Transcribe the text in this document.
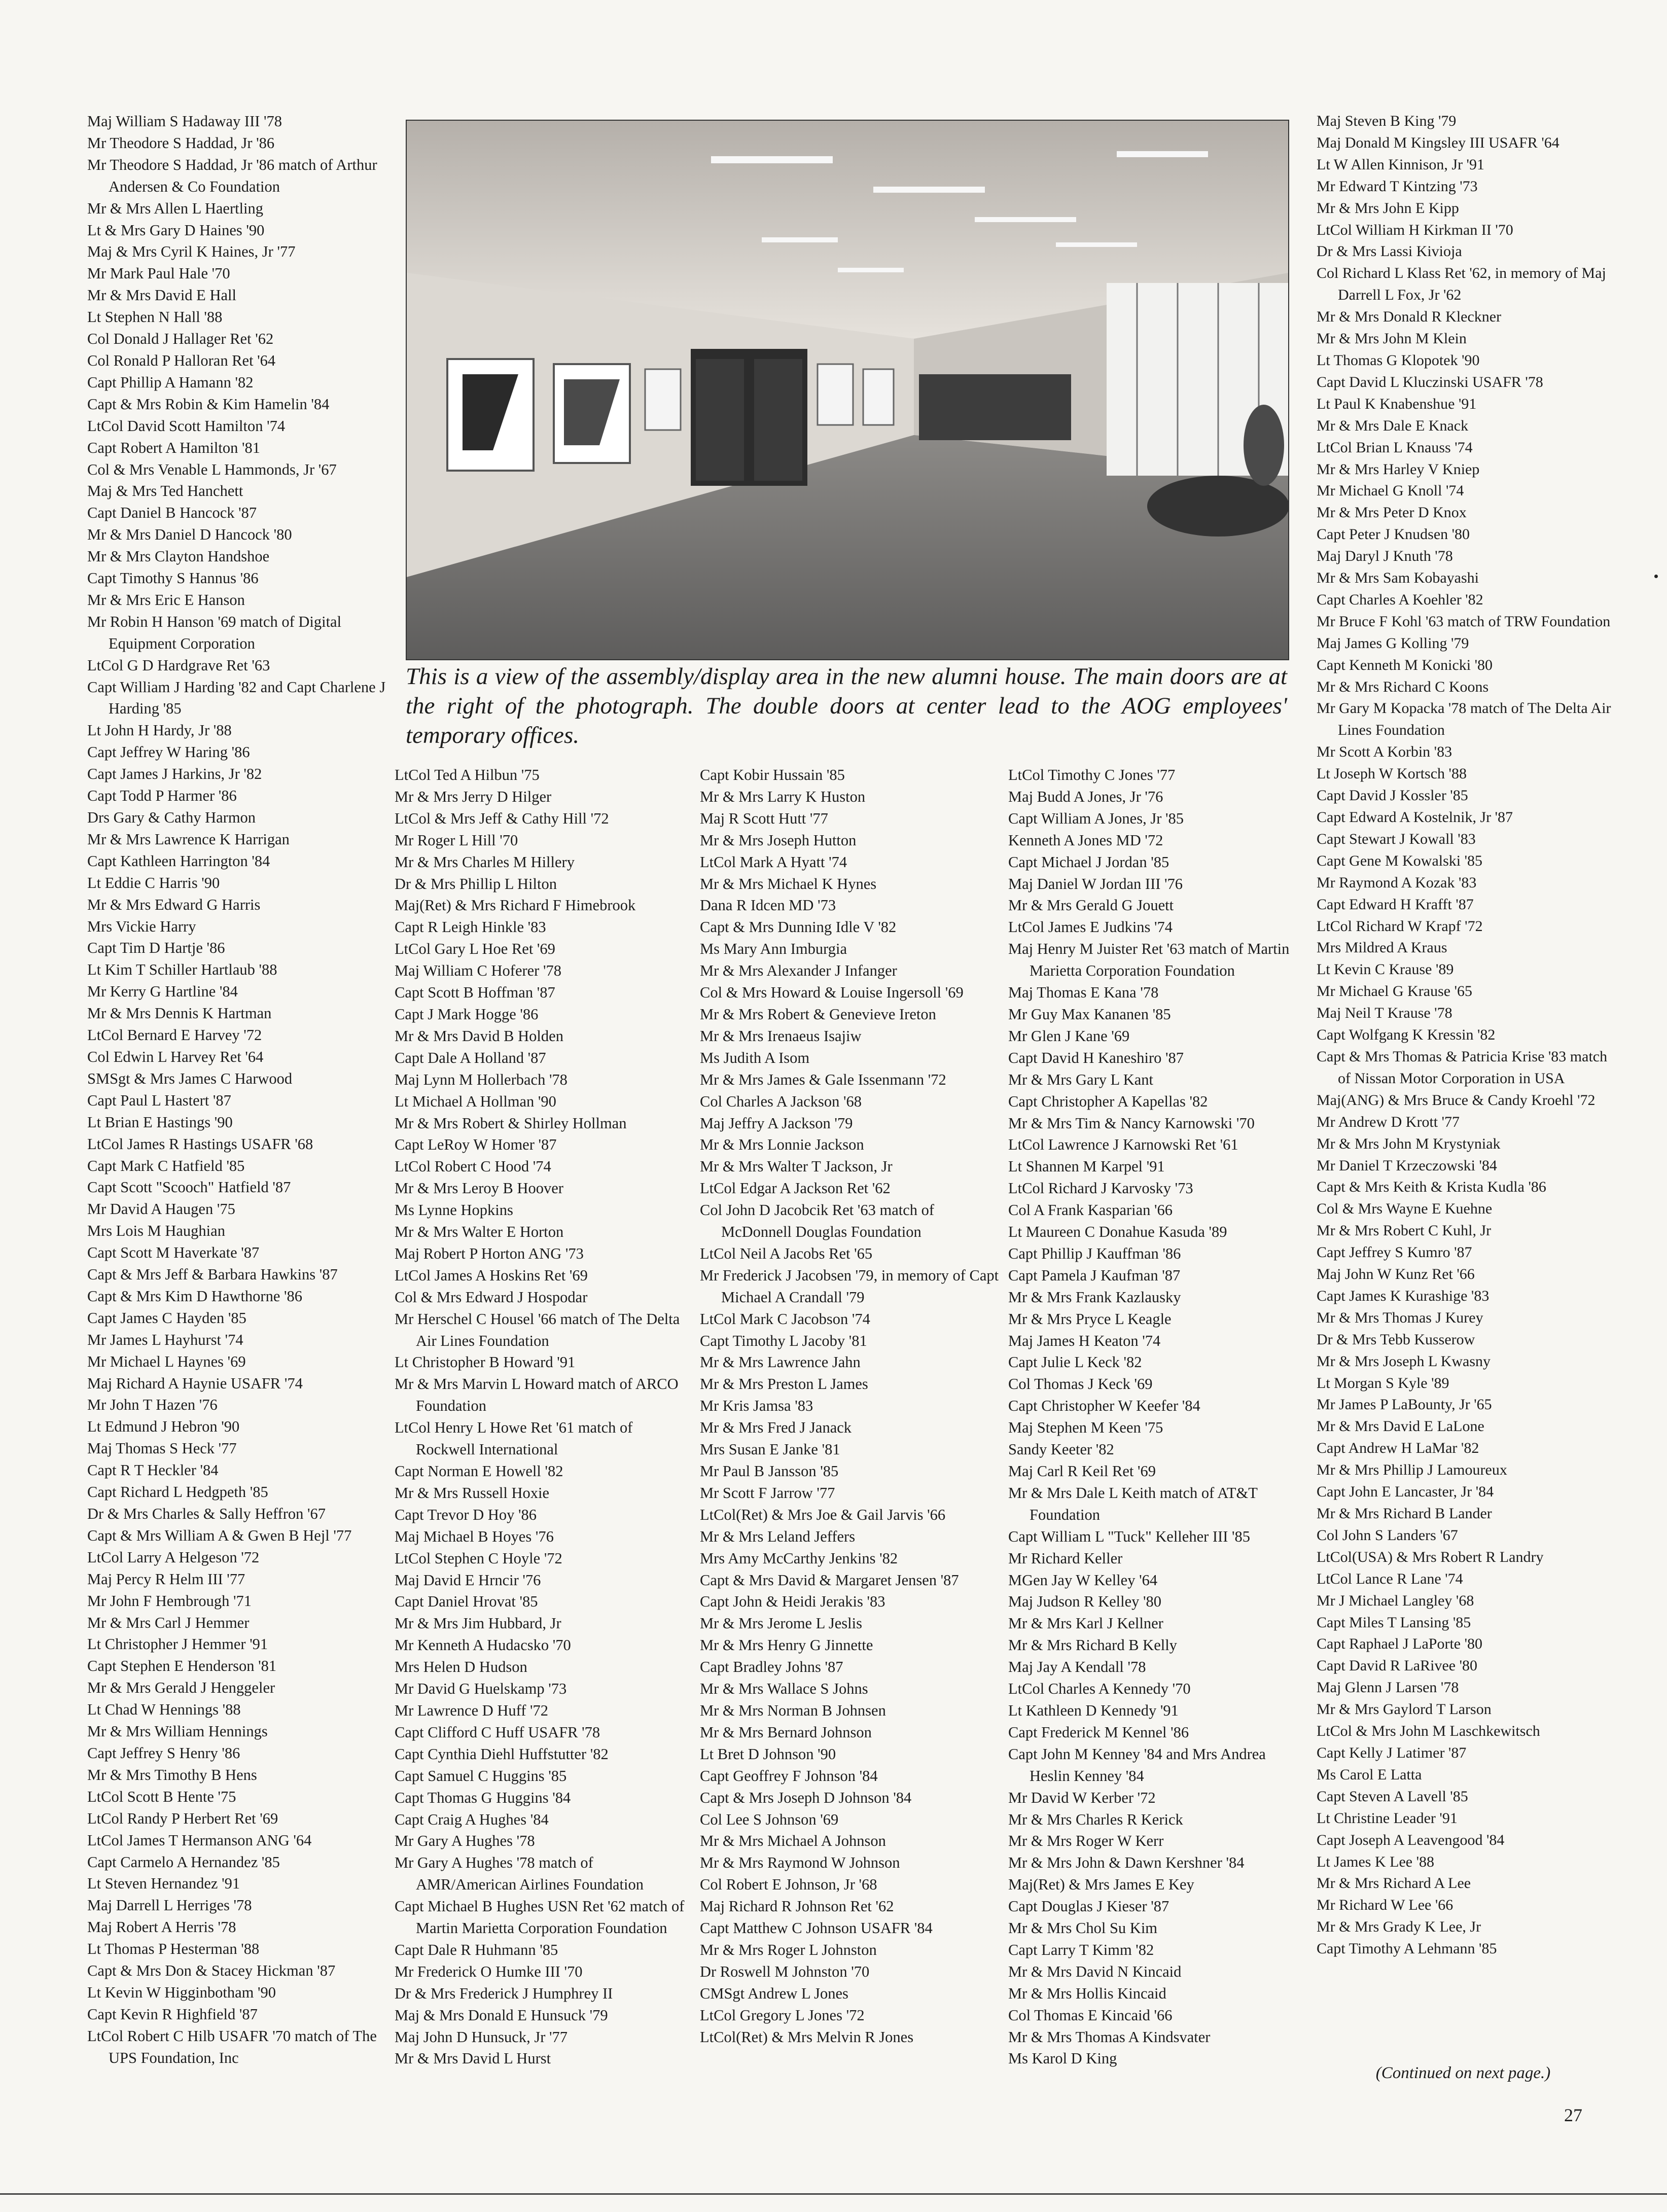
Maj William S Hadaway III '78
Mr Theodore S Haddad, Jr '86
Mr Theodore S Haddad, Jr '86 match of Arthur Andersen & Co Foundation
Mr & Mrs Allen L Haertling
Lt & Mrs Gary D Haines '90
Maj & Mrs Cyril K Haines, Jr '77
Mr Mark Paul Hale '70
Mr & Mrs David E Hall
Lt Stephen N Hall '88
Col Donald J Hallager Ret '62
Col Ronald P Halloran Ret '64
Capt Phillip A Hamann '82
Capt & Mrs Robin & Kim Hamelin '84
LtCol David Scott Hamilton '74
Capt Robert A Hamilton '81
Col & Mrs Venable L Hammonds, Jr '67
Maj & Mrs Ted Hanchett
Capt Daniel B Hancock '87
Mr & Mrs Daniel D Hancock '80
Mr & Mrs Clayton Handshoe
Capt Timothy S Hannus '86
Mr & Mrs Eric E Hanson
Mr Robin H Hanson '69 match of Digital Equipment Corporation
LtCol G D Hardgrave Ret '63
Capt William J Harding '82 and Capt Charlene J Harding '85
Lt John H Hardy, Jr '88
Capt Jeffrey W Haring '86
Capt James J Harkins, Jr '82
Capt Todd P Harmer '86
Drs Gary & Cathy Harmon
Mr & Mrs Lawrence K Harrigan
Capt Kathleen Harrington '84
Lt Eddie C Harris '90
Mr & Mrs Edward G Harris
Mrs Vickie Harry
Capt Tim D Hartje '86
Lt Kim T Schiller Hartlaub '88
Mr Kerry G Hartline '84
Mr & Mrs Dennis K Hartman
LtCol Bernard E Harvey '72
Col Edwin L Harvey Ret '64
SMSgt & Mrs James C Harwood
Capt Paul L Hastert '87
Lt Brian E Hastings '90
LtCol James R Hastings USAFR '68
Capt Mark C Hatfield '85
Capt Scott "Scooch" Hatfield '87
Mr David A Haugen '75
Mrs Lois M Haughian
Capt Scott M Haverkate '87
Capt & Mrs Jeff & Barbara Hawkins '87
Capt & Mrs Kim D Hawthorne '86
Capt James C Hayden '85
Mr James L Hayhurst '74
Mr Michael L Haynes '69
Maj Richard A Haynie USAFR '74
Mr John T Hazen '76
Lt Edmund J Hebron '90
Maj Thomas S Heck '77
Capt R T Heckler '84
Capt Richard L Hedgpeth '85
Dr & Mrs Charles & Sally Heffron '67
Capt & Mrs William A & Gwen B Hejl '77
LtCol Larry A Helgeson '72
Maj Percy R Helm III '77
Mr John F Hembrough '71
Mr & Mrs Carl J Hemmer
Lt Christopher J Hemmer '91
Capt Stephen E Henderson '81
Mr & Mrs Gerald J Henggeler
Lt Chad W Hennings '88
Mr & Mrs William Hennings
Capt Jeffrey S Henry '86
Mr & Mrs Timothy B Hens
LtCol Scott B Hente '75
LtCol Randy P Herbert Ret '69
LtCol James T Hermanson ANG '64
Capt Carmelo A Hernandez '85
Lt Steven Hernandez '91
Maj Darrell L Herriges '78
Maj Robert A Herris '78
Lt Thomas P Hesterman '88
Capt & Mrs Don & Stacey Hickman '87
Lt Kevin W Higginbotham '90
Capt Kevin R Highfield '87
LtCol Robert C Hilb USAFR '70 match of The UPS Foundation, Inc
LtCol Ted A Hilbun '75
Mr & Mrs Jerry D Hilger
LtCol & Mrs Jeff & Cathy Hill '72
Mr Roger L Hill '70
Mr & Mrs Charles M Hillery
Dr & Mrs Phillip L Hilton
Maj(Ret) & Mrs Richard F Himebrook
Capt R Leigh Hinkle '83
LtCol Gary L Hoe Ret '69
Maj William C Hoferer '78
Capt Scott B Hoffman '87
Capt J Mark Hogge '86
Mr & Mrs David B Holden
Capt Dale A Holland '87
Maj Lynn M Hollerbach '78
Lt Michael A Hollman '90
Mr & Mrs Robert & Shirley Hollman
Capt LeRoy W Homer '87
LtCol Robert C Hood '74
Mr & Mrs Leroy B Hoover
Ms Lynne Hopkins
Mr & Mrs Walter E Horton
Maj Robert P Horton ANG '73
LtCol James A Hoskins Ret '69
Col & Mrs Edward J Hospodar
Mr Herschel C Housel '66 match of The Delta Air Lines Foundation
Lt Christopher B Howard '91
Mr & Mrs Marvin L Howard match of ARCO Foundation
LtCol Henry L Howe Ret '61 match of Rockwell International
Capt Norman E Howell '82
Mr & Mrs Russell Hoxie
Capt Trevor D Hoy '86
Maj Michael B Hoyes '76
LtCol Stephen C Hoyle '72
Maj David E Hrncir '76
Capt Daniel Hrovat '85
Mr & Mrs Jim Hubbard, Jr
Mr Kenneth A Hudacsko '70
Mrs Helen D Hudson
Mr David G Huelskamp '73
Mr Lawrence D Huff '72
Capt Clifford C Huff USAFR '78
Capt Cynthia Diehl Huffstutter '82
Capt Samuel C Huggins '85
Capt Thomas G Huggins '84
Capt Craig A Hughes '84
Mr Gary A Hughes '78
Mr Gary A Hughes '78 match of AMR/American Airlines Foundation
Capt Michael B Hughes USN Ret '62 match of Martin Marietta Corporation Foundation
Capt Dale R Huhmann '85
Mr Frederick O Humke III '70
Dr & Mrs Frederick J Humphrey II
Maj & Mrs Donald E Hunsuck '79
Maj John D Hunsuck, Jr '77
Mr & Mrs David L Hurst
Capt Kobir Hussain '85
Mr & Mrs Larry K Huston
Maj R Scott Hutt '77
Mr & Mrs Joseph Hutton
LtCol Mark A Hyatt '74
Mr & Mrs Michael K Hynes
Dana R Idcen MD '73
Capt & Mrs Dunning Idle V '82
Ms Mary Ann Imburgia
Mr & Mrs Alexander J Infanger
Col & Mrs Howard & Louise Ingersoll '69
Mr & Mrs Robert & Genevieve Ireton
Mr & Mrs Irenaeus Isajiw
Ms Judith A Isom
Mr & Mrs James & Gale Issenmann '72
Col Charles A Jackson '68
Maj Jeffry A Jackson '79
Mr & Mrs Lonnie Jackson
Mr & Mrs Walter T Jackson, Jr
LtCol Edgar A Jackson Ret '62
Col John D Jacobcik Ret '63 match of McDonnell Douglas Foundation
LtCol Neil A Jacobs Ret '65
Mr Frederick J Jacobsen '79, in memory of Capt Michael A Crandall '79
LtCol Mark C Jacobson '74
Capt Timothy L Jacoby '81
Mr & Mrs Lawrence Jahn
Mr & Mrs Preston L James
Mr Kris Jamsa '83
Mr & Mrs Fred J Janack
Mrs Susan E Janke '81
Mr Paul B Jansson '85
Mr Scott F Jarrow '77
LtCol(Ret) & Mrs Joe & Gail Jarvis '66
Mr & Mrs Leland Jeffers
Mrs Amy McCarthy Jenkins '82
Capt & Mrs David & Margaret Jensen '87
Capt John & Heidi Jerakis '83
Mr & Mrs Jerome L Jeslis
Mr & Mrs Henry G Jinnette
Capt Bradley Johns '87
Mr & Mrs Wallace S Johns
Mr & Mrs Norman B Johnsen
Mr & Mrs Bernard Johnson
Lt Bret D Johnson '90
Capt Geoffrey F Johnson '84
Capt & Mrs Joseph D Johnson '84
Col Lee S Johnson '69
Mr & Mrs Michael A Johnson
Mr & Mrs Raymond W Johnson
Col Robert E Johnson, Jr '68
Maj Richard R Johnson Ret '62
Capt Matthew C Johnson USAFR '84
Mr & Mrs Roger L Johnston
Dr Roswell M Johnston '70
CMSgt Andrew L Jones
LtCol Gregory L Jones '72
LtCol(Ret) & Mrs Melvin R Jones
LtCol Timothy C Jones '77
Maj Budd A Jones, Jr '76
Capt William A Jones, Jr '85
Kenneth A Jones MD '72
Capt Michael J Jordan '85
Maj Daniel W Jordan III '76
Mr & Mrs Gerald G Jouett
LtCol James E Judkins '74
Maj Henry M Juister Ret '63 match of Martin Marietta Corporation Foundation
Maj Thomas E Kana '78
Mr Guy Max Kananen '85
Mr Glen J Kane '69
Capt David H Kaneshiro '87
Mr & Mrs Gary L Kant
Capt Christopher A Kapellas '82
Mr & Mrs Tim & Nancy Karnowski '70
LtCol Lawrence J Karnowski Ret '61
Lt Shannen M Karpel '91
LtCol Richard J Karvosky '73
Col A Frank Kasparian '66
Lt Maureen C Donahue Kasuda '89
Capt Phillip J Kauffman '86
Capt Pamela J Kaufman '87
Mr & Mrs Frank Kazlausky
Mr & Mrs Pryce L Keagle
Maj James H Keaton '74
Capt Julie L Keck '82
Col Thomas J Keck '69
Capt Christopher W Keefer '84
Maj Stephen M Keen '75
Sandy Keeter '82
Maj Carl R Keil Ret '69
Mr & Mrs Dale L Keith match of AT&T Foundation
Capt William L "Tuck" Kelleher III '85
Mr Richard Keller
MGen Jay W Kelley '64
Maj Judson R Kelley '80
Mr & Mrs Karl J Kellner
Mr & Mrs Richard B Kelly
Maj Jay A Kendall '78
LtCol Charles A Kennedy '70
Lt Kathleen D Kennedy '91
Capt Frederick M Kennel '86
Capt John M Kenney '84 and Mrs Andrea Heslin Kenney '84
Mr David W Kerber '72
Mr & Mrs Charles R Kerick
Mr & Mrs Roger W Kerr
Mr & Mrs John & Dawn Kershner '84
Maj(Ret) & Mrs James E Key
Capt Douglas J Kieser '87
Mr & Mrs Chol Su Kim
Capt Larry T Kimm '82
Mr & Mrs David N Kincaid
Mr & Mrs Hollis Kincaid
Col Thomas E Kincaid '66
Mr & Mrs Thomas A Kindsvater
Ms Karol D King
Maj Steven B King '79
Maj Donald M Kingsley III USAFR '64
Lt W Allen Kinnison, Jr '91
Mr Edward T Kintzing '73
Mr & Mrs John E Kipp
LtCol William H Kirkman II '70
Dr & Mrs Lassi Kivioja
Col Richard L Klass Ret '62, in memory of Maj Darrell L Fox, Jr '62
Mr & Mrs Donald R Kleckner
Mr & Mrs John M Klein
Lt Thomas G Klopotek '90
Capt David L Kluczinski USAFR '78
Lt Paul K Knabenshue '91
Mr & Mrs Dale E Knack
LtCol Brian L Knauss '74
Mr & Mrs Harley V Kniep
Mr Michael G Knoll '74
Mr & Mrs Peter D Knox
Capt Peter J Knudsen '80
Maj Daryl J Knuth '78
Mr & Mrs Sam Kobayashi
Capt Charles A Koehler '82
Mr Bruce F Kohl '63 match of TRW Foundation
Maj James G Kolling '79
Capt Kenneth M Konicki '80
Mr & Mrs Richard C Koons
Mr Gary M Kopacka '78 match of The Delta Air Lines Foundation
Mr Scott A Korbin '83
Lt Joseph W Kortsch '88
Capt David J Kossler '85
Capt Edward A Kostelnik, Jr '87
Capt Stewart J Kowall '83
Capt Gene M Kowalski '85
Mr Raymond A Kozak '83
Capt Edward H Krafft '87
LtCol Richard W Krapf '72
Mrs Mildred A Kraus
Lt Kevin C Krause '89
Mr Michael G Krause '65
Maj Neil T Krause '78
Capt Wolfgang K Kressin '82
Capt & Mrs Thomas & Patricia Krise '83 match of Nissan Motor Corporation in USA
Maj(ANG) & Mrs Bruce & Candy Kroehl '72
Mr Andrew D Krott '77
Mr & Mrs John M Krystyniak
Mr Daniel T Krzeczowski '84
Capt & Mrs Keith & Krista Kudla '86
Col & Mrs Wayne E Kuehne
Mr & Mrs Robert C Kuhl, Jr
Capt Jeffrey S Kumro '87
Maj John W Kunz Ret '66
Capt James K Kurashige '83
Mr & Mrs Thomas J Kurey
Dr & Mrs Tebb Kusserow
Mr & Mrs Joseph L Kwasny
Lt Morgan S Kyle '89
Mr James P LaBounty, Jr '65
Mr & Mrs David E LaLone
Capt Andrew H LaMar '82
Mr & Mrs Phillip J Lamoureux
Capt John E Lancaster, Jr '84
Mr & Mrs Richard B Lander
Col John S Landers '67
LtCol(USA) & Mrs Robert R Landry
LtCol Lance R Lane '74
Mr J Michael Langley '68
Capt Miles T Lansing '85
Capt Raphael J LaPorte '80
Capt David R LaRivee '80
Maj Glenn J Larsen '78
Mr & Mrs Gaylord T Larson
LtCol & Mrs John M Laschkewitsch
Capt Kelly J Latimer '87
Ms Carol E Latta
Capt Steven A Lavell '85
Lt Christine Leader '91
Capt Joseph A Leavengood '84
Lt James K Lee '88
Mr & Mrs Richard A Lee
Mr Richard W Lee '66
Mr & Mrs Grady K Lee, Jr
Capt Timothy A Lehmann '85
This is a view of the assembly/display area in the new alumni house. The main doors are at the right of the photograph. The double doors at center lead to the AOG employees' temporary offices.
(Continued on next page.)
27
